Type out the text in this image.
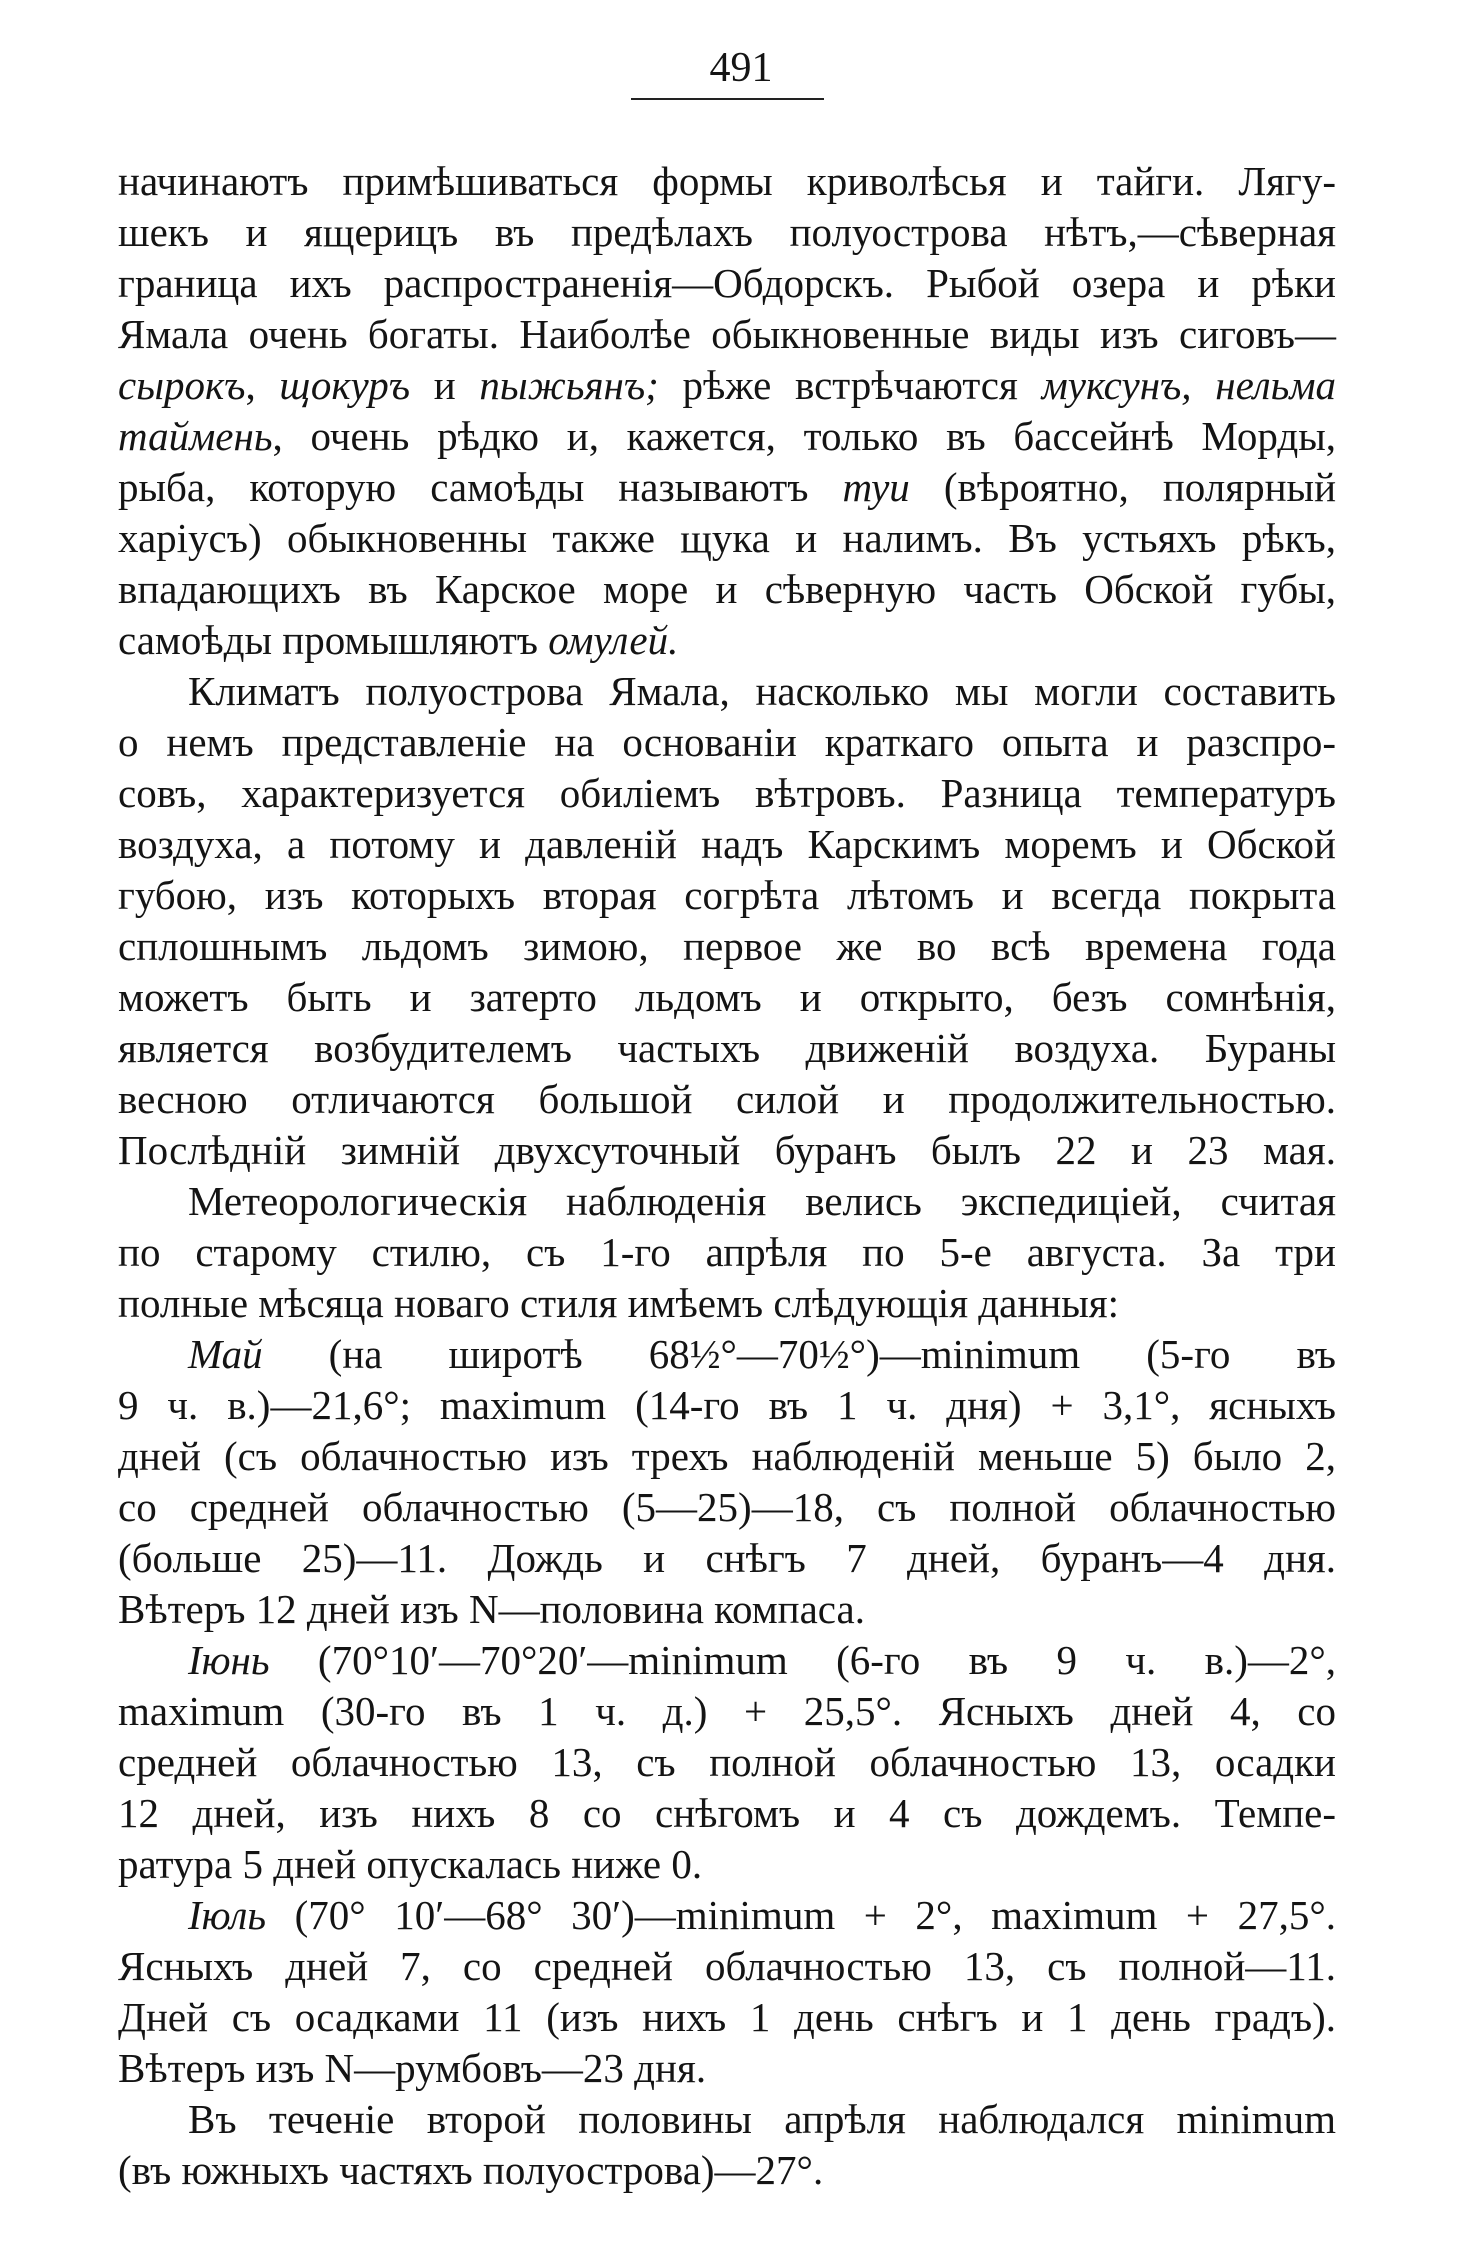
491
начинаютъ примѣшиваться формы криволѣсья и тайги. Лягу-
шекъ и ящерицъ въ предѣлахъ полуострова нѣтъ,—сѣверная
граница ихъ распространенія—Обдорскъ. Рыбой озера и рѣки
Ямала очень богаты. Наиболѣе обыкновенные виды изъ сиговъ—
сырокъ, щокуръ и пыжьянъ; рѣже встрѣчаются муксунъ, нельма
таймень, очень рѣдко и, кажется, только въ бассейнѣ Морды,
рыба, которую самоѣды называютъ туи (вѣроятно, полярный
харіусъ) обыкновенны также щука и налимъ. Въ устьяхъ рѣкъ,
впадающихъ въ Карское море и сѣверную часть Обской губы,
самоѣды промышляютъ омулей.
Климатъ полуострова Ямала, насколько мы могли составить
о немъ представленіе на основаніи краткаго опыта и разспро-
совъ, характеризуется обиліемъ вѣтровъ. Разница температуръ
воздуха, а потому и давленій надъ Карскимъ моремъ и Обской
губою, изъ которыхъ вторая согрѣта лѣтомъ и всегда покрыта
сплошнымъ льдомъ зимою, первое же во всѣ времена года
можетъ быть и затерто льдомъ и открыто, безъ сомнѣнія,
является возбудителемъ частыхъ движеній воздуха. Бураны
весною отличаются большой силой и продолжительностью.
Послѣдній зимній двухсуточный буранъ былъ 22 и 23 мая.
Метеорологическія наблюденія велись экспедиціей, считая
по старому стилю, съ 1-го апрѣля по 5-е августа. За три
полные мѣсяца новаго стиля имѣемъ слѣдующія данныя:
Май (на широтѣ 68½°—70½°)—minimum (5-го въ
9 ч. в.)—21,6°; maximum (14-го въ 1 ч. дня) + 3,1°, ясныхъ
дней (съ облачностью изъ трехъ наблюденій меньше 5) было 2,
со средней облачностью (5—25)—18, съ полной облачностью
(больше 25)—11. Дождь и снѣгъ 7 дней, буранъ—4 дня.
Вѣтеръ 12 дней изъ N—половина компаса.
Іюнь (70°10′—70°20′—minimum (6-го въ 9 ч. в.)—2°,
maximum (30-го въ 1 ч. д.) + 25,5°. Ясныхъ дней 4, со
средней облачностью 13, съ полной облачностью 13, осадки
12 дней, изъ нихъ 8 со снѣгомъ и 4 съ дождемъ. Темпе-
ратура 5 дней опускалась ниже 0.
Іюль (70° 10′—68° 30′)—minimum + 2°, maximum + 27,5°.
Ясныхъ дней 7, со средней облачностью 13, съ полной—11.
Дней съ осадками 11 (изъ нихъ 1 день снѣгъ и 1 день градъ).
Вѣтеръ изъ N—румбовъ—23 дня.
Въ теченіе второй половины апрѣля наблюдался minimum
(въ южныхъ частяхъ полуострова)—27°.
